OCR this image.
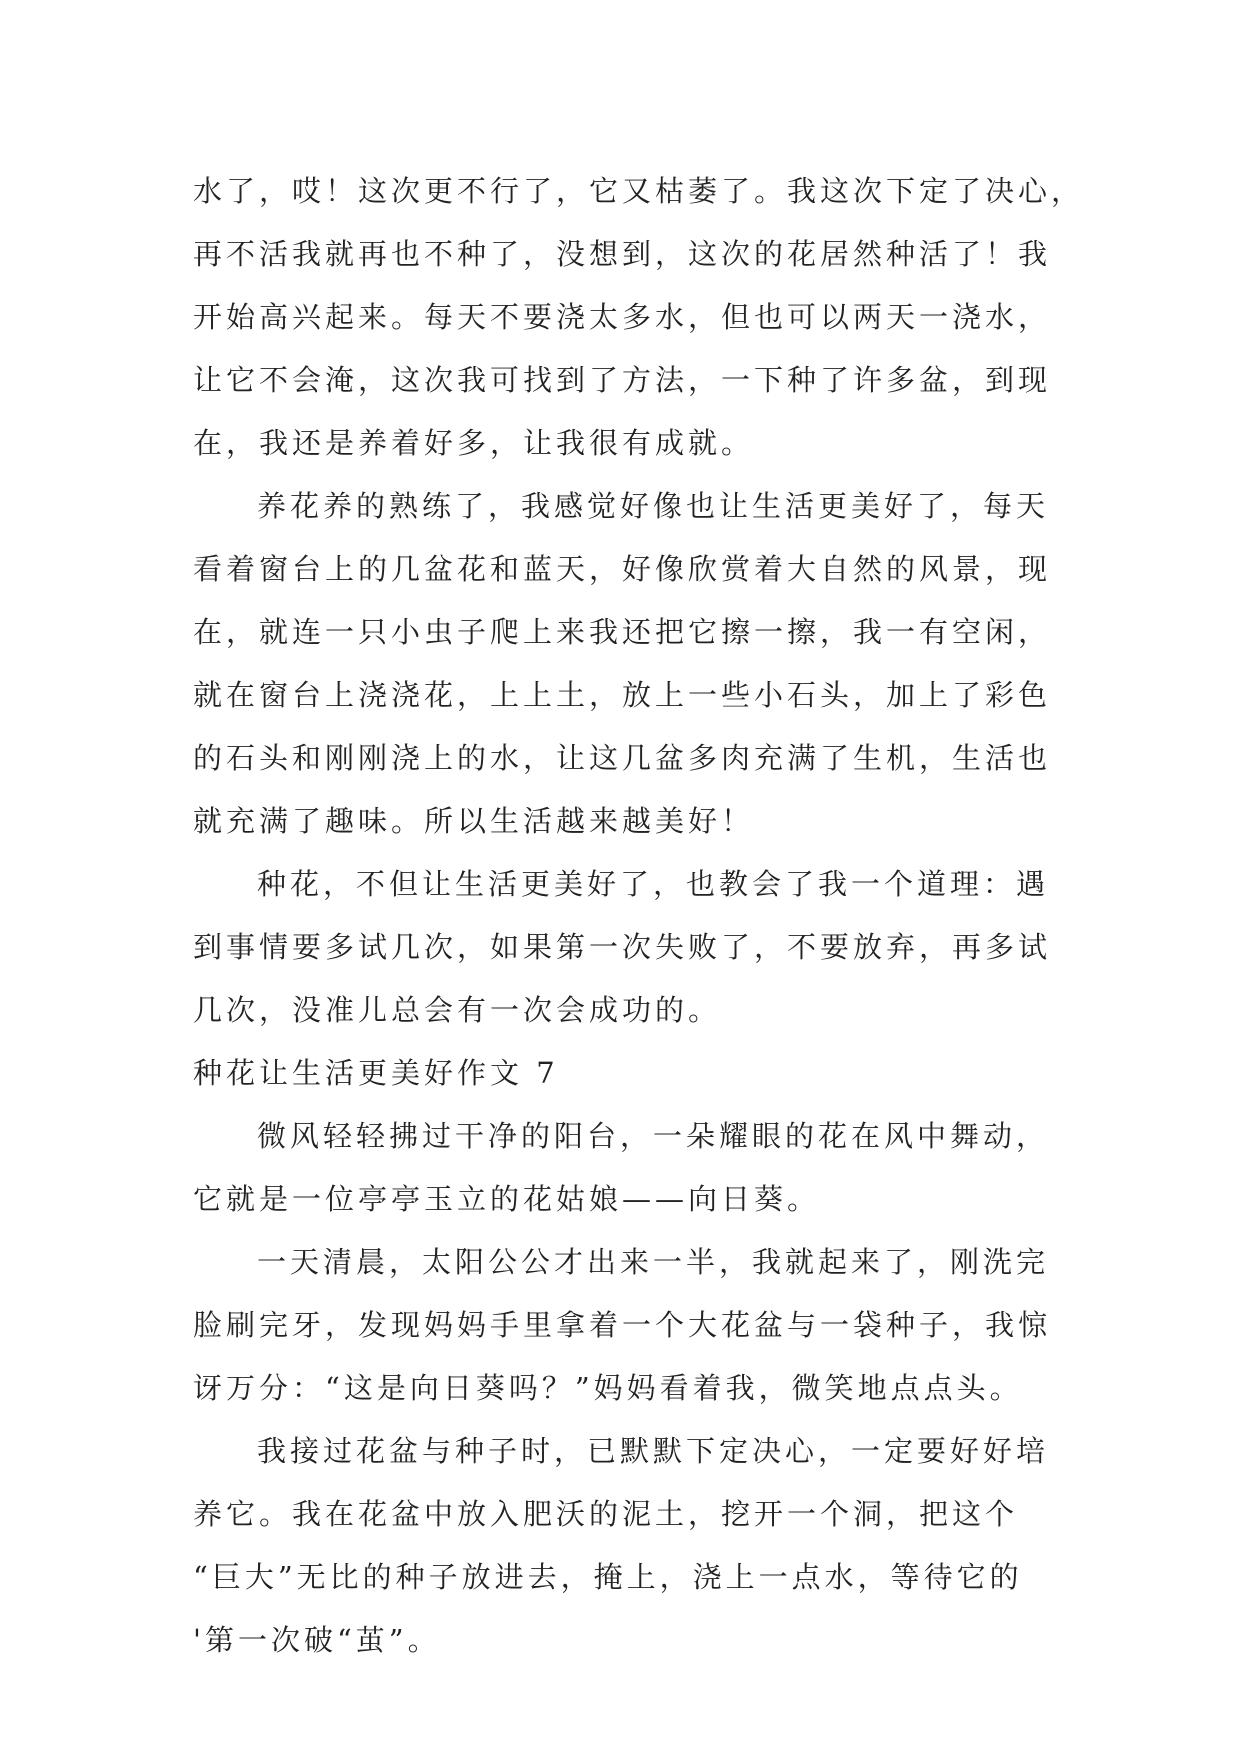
水了，哎！这次更不行了，它又枯萎了。我这次下定了决心，
再不活我就再也不种了，没想到，这次的花居然种活了！我
开始高兴起来。每天不要浇太多水，但也可以两天一浇水，
让它不会淹，这次我可找到了方法，一下种了许多盆，到现
在，我还是养着好多，让我很有成就。
养花养的熟练了，我感觉好像也让生活更美好了，每天
看着窗台上的几盆花和蓝天，好像欣赏着大自然的风景，现
在，就连一只小虫子爬上来我还把它擦一擦，我一有空闲，
就在窗台上浇浇花，上上土，放上一些小石头，加上了彩色
的石头和刚刚浇上的水，让这几盆多肉充满了生机，生活也
就充满了趣味。所以生活越来越美好！
种花，不但让生活更美好了，也教会了我一个道理：遇
到事情要多试几次，如果第一次失败了，不要放弃，再多试
几次，没准儿总会有一次会成功的。
种花让生活更美好作文 7
微风轻轻拂过干净的阳台，一朵耀眼的花在风中舞动，
它就是一位亭亭玉立的花姑娘——向日葵。
一天清晨，太阳公公才出来一半，我就起来了，刚洗完
脸刷完牙，发现妈妈手里拿着一个大花盆与一袋种子，我惊
讶万分：“这是向日葵吗？”妈妈看着我，微笑地点点头。
我接过花盆与种子时，已默默下定决心，一定要好好培
养它。我在花盆中放入肥沃的泥土，挖开一个洞，把这个
“巨大”无比的种子放进去，掩上，浇上一点水，等待它的
'第一次破“茧”。
